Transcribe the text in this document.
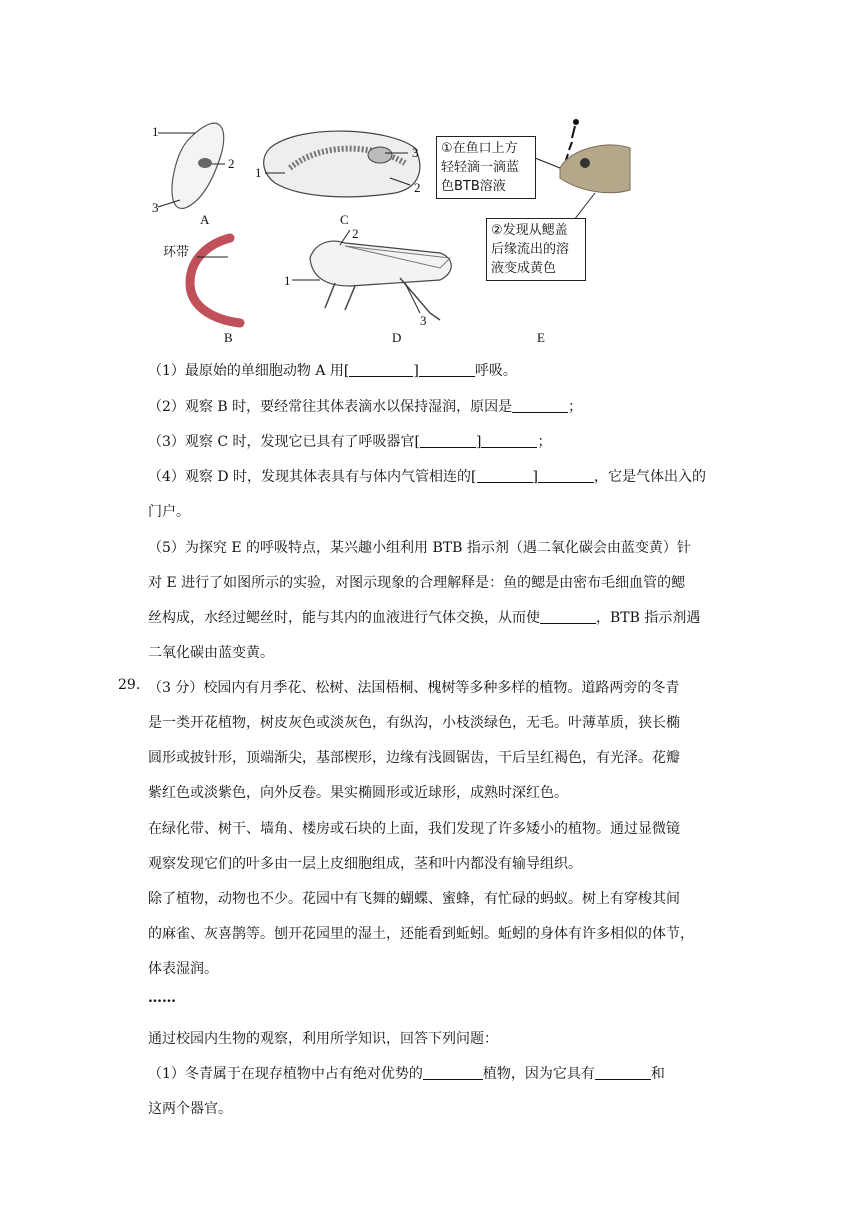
1
2
3
A
环带
B
1
3
2
C
2
1
3
D
①在鱼口上方
轻轻滴一滴蓝
色BTB溶液
②发现从鳃盖
后缘流出的溶
液变成黄色
E
（1）最原始的单细胞动物 A 用[	]	呼吸。
（2）观察 B 时，要经常往其体表滴水以保持湿润，原因是	；
（3）观察 C 时，发现它已具有了呼吸器官[	]	；
（4）观察 D 时，发现其体表具有与体内气管相连的[	]	，它是气体出入的
门户。
（5）为探究 E 的呼吸特点，某兴趣小组利用 BTB 指示剂（遇二氧化碳会由蓝变黄）针
对 E 进行了如图所示的实验，对图示现象的合理解释是：鱼的鳃是由密布毛细血管的鳃
丝构成，水经过鳃丝时，能与其内的血液进行气体交换，从而使	，BTB 指示剂遇
二氧化碳由蓝变黄。
29. （3 分）校园内有月季花、松树、法国梧桐、槐树等多种多样的植物。道路两旁的冬青
是一类开花植物，树皮灰色或淡灰色，有纵沟，小枝淡绿色，无毛。叶薄革质，狭长椭
圆形或披针形，顶端渐尖，基部楔形，边缘有浅圆锯齿，干后呈红褐色，有光泽。花瓣
紫红色或淡紫色，向外反卷。果实椭圆形或近球形，成熟时深红色。
在绿化带、树干、墙角、楼房或石块的上面，我们发现了许多矮小的植物。通过显微镜
观察发现它们的叶多由一层上皮细胞组成，茎和叶内都没有输导组织。
除了植物，动物也不少。花园中有飞舞的蝴蝶、蜜蜂，有忙碌的蚂蚁。树上有穿梭其间
的麻雀、灰喜鹊等。刨开花园里的湿土，还能看到蚯蚓。蚯蚓的身体有许多相似的体节，
体表湿润。
……
通过校园内生物的观察，利用所学知识，回答下列问题：
（1）冬青属于在现存植物中占有绝对优势的	植物，因为它具有	和
这两个器官。
